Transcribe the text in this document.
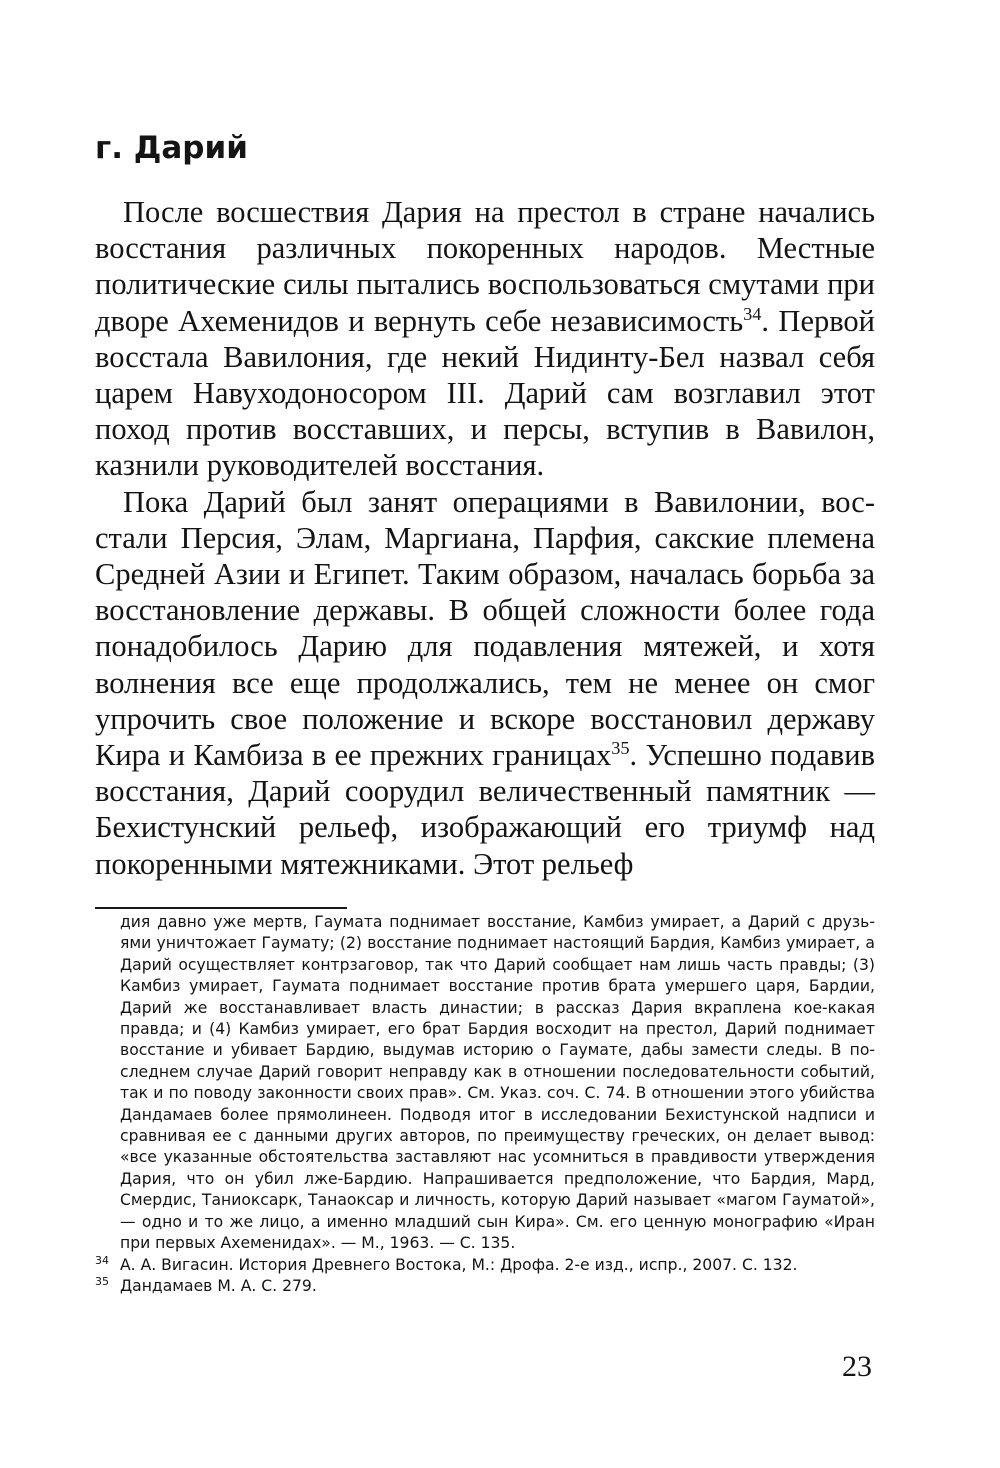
г. Дарий

После восшествия Дария на престол в стране начались восстания различных покоренных народов. Местные политические силы пытались воспользоваться смутами при дворе Ахеменидов и вернуть себе независимость$^{34}$. Первой восстала Вавилония, где некий Нидинту-Бел назвал себя царем Навуходоносором III. Дарий сам возглавил этот поход против восставших, и персы, вступив в Вавилон, казнили руководителей восстания.

Пока Дарий был занят операциями в Вавилонии, восстали Персия, Элам, Маргиана, Парфия, сакские племена Средней Азии и Египет. Таким образом, началась борьба за восстановление державы. В общей сложности более года понадобилось Дарию для подавления мятежей, и хотя волнения все еще продолжались, тем не менее он смог упрочить свое положение и вскоре восстановил державу Кира и Камбиза в ее прежних границах$^{35}$. Успешно подавив восстания, Дарий соорудил величественный памятник — Бехистунский рельеф, изображающий его триумф над покоренными мятежниками. Этот рельеф

дия давно уже мертв, Гаумата поднимает восстание, Камбиз умирает, а Дарий с друзьями уничтожает Гаумату; (2) восстание поднимает настоящий Бардия, Камбиз умирает, а Дарий осуществляет контрзаговор, так что Дарий сообщает нам лишь часть правды; (3) Камбиз умирает, Гаумата поднимает восстание против брата умершего царя, Бардии, Дарий же восстанавливает власть династии; в рассказ Дария вкраплена кое-какая правда; и (4) Камбиз умирает, его брат Бардия восходит на престол, Дарий поднимает восстание и убивает Бардию, выдумав историю о Гаумате, дабы замести следы. В последнем случае Дарий говорит неправду как в отношении последовательности событий, так и по поводу законности своих прав». См. Указ. соч. С. 74. В отношении этого убийства Дандамаев более прямолинеен. Подводя итог в исследовании Бехистунской надписи и сравнивая ее с данными других авторов, по преимуществу греческих, он делает вывод: «все указанные обстоятельства заставляют нас усомниться в правдивости утверждения Дария, что он убил лже-Бардию. Напрашивается предположение, что Бардия, Мард, Смердис, Таниоксарк, Танаоксар и личность, которую Дарий называет «магом Гауматой», — одно и то же лицо, а именно младший сын Кира». См. его ценную монографию «Иран при первых Ахеменидах». — М., 1963. — С. 135.

34 А. А. Вигасин. История Древнего Востока, М.: Дрофа. 2-е изд., испр., 2007. С. 132.

35 Дандамаев М. А. С. 279.

23
